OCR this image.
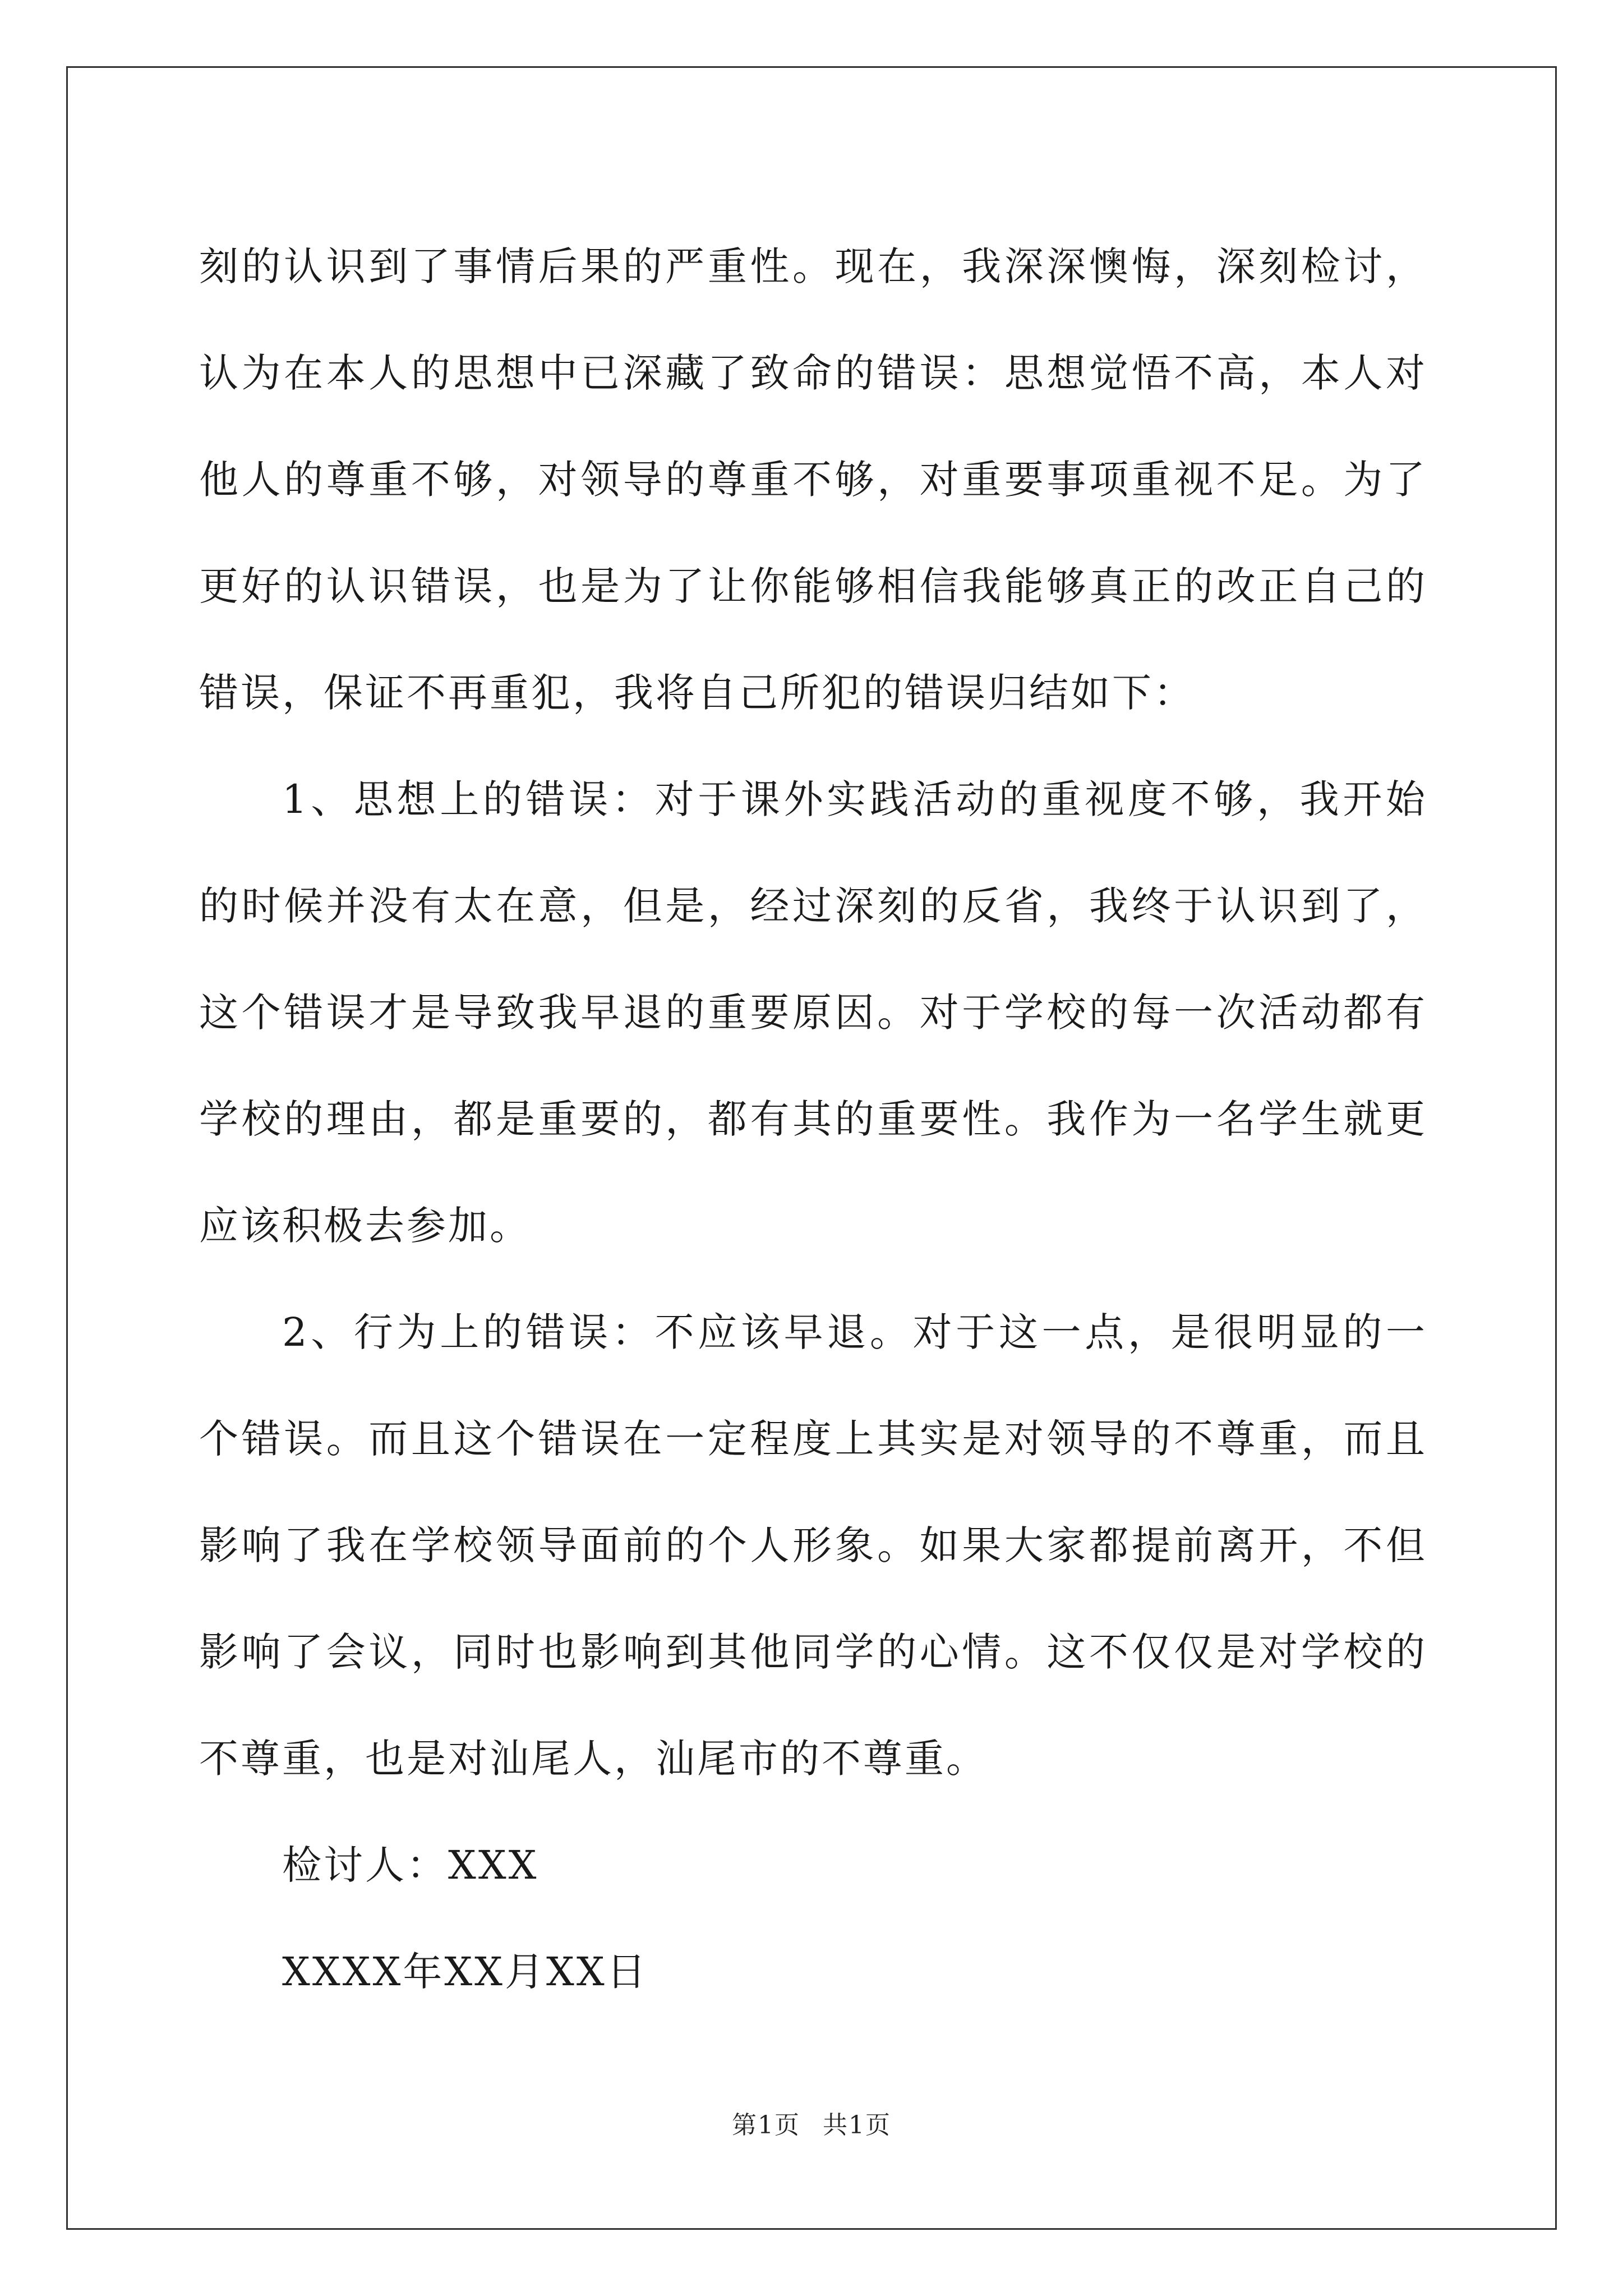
刻的认识到了事情后果的严重性。现在，我深深懊悔，深刻检讨，认为在本人的思想中已深藏了致命的错误：思想觉悟不高，本人对他人的尊重不够，对领导的尊重不够，对重要事项重视不足。为了更好的认识错误，也是为了让你能够相信我能够真正的改正自己的错误，保证不再重犯，我将自己所犯的错误归结如下：

1、思想上的错误：对于课外实践活动的重视度不够，我开始的时候并没有太在意，但是，经过深刻的反省，我终于认识到了，这个错误才是导致我早退的重要原因。对于学校的每一次活动都有学校的理由，都是重要的，都有其的重要性。我作为一名学生就更应该积极去参加。

2、行为上的错误：不应该早退。对于这一点，是很明显的一个错误。而且这个错误在一定程度上其实是对领导的不尊重，而且影响了我在学校领导面前的个人形象。如果大家都提前离开，不但影响了会议，同时也影响到其他同学的心情。这不仅仅是对学校的不尊重，也是对汕尾人，汕尾市的不尊重。

检讨人：XXX

XXXX年XX月XX日

第1页 共1页
